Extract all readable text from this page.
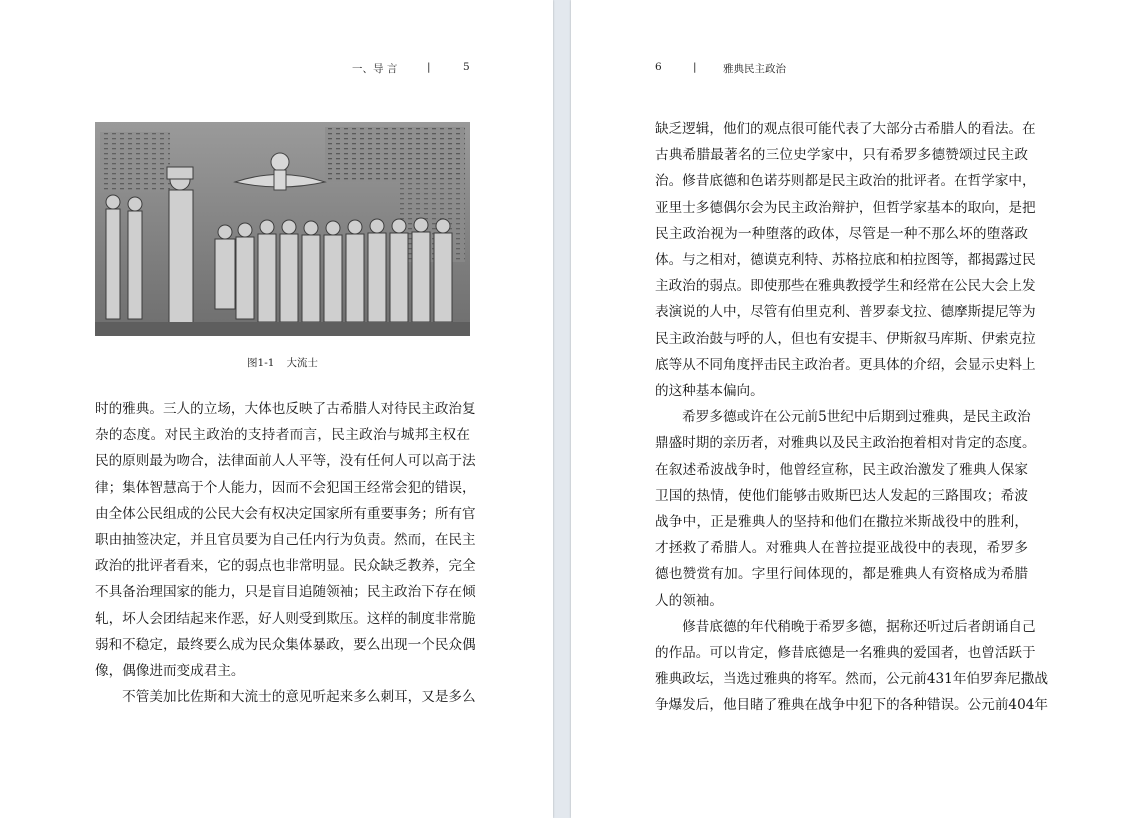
一、导 言	|	5
图1-1 大流士
时的雅典。三人的立场，大体也反映了古希腊人对待民主政治复
杂的态度。对民主政治的支持者而言，民主政治与城邦主权在
民的原则最为吻合，法律面前人人平等，没有任何人可以高于法
律；集体智慧高于个人能力，因而不会犯国王经常会犯的错误，
由全体公民组成的公民大会有权决定国家所有重要事务；所有官
职由抽签决定，并且官员要为自己任内行为负责。然而，在民主
政治的批评者看来，它的弱点也非常明显。民众缺乏教养，完全
不具备治理国家的能力，只是盲目追随领袖；民主政治下存在倾
轧，坏人会团结起来作恶，好人则受到欺压。这样的制度非常脆
弱和不稳定，最终要么成为民众集体暴政，要么出现一个民众偶
像，偶像进而变成君主。
　　不管美加比佐斯和大流士的意见听起来多么刺耳，又是多么
6	|	雅典民主政治
缺乏逻辑，他们的观点很可能代表了大部分古希腊人的看法。在
古典希腊最著名的三位史学家中，只有希罗多德赞颂过民主政
治。修昔底德和色诺芬则都是民主政治的批评者。在哲学家中，
亚里士多德偶尔会为民主政治辩护，但哲学家基本的取向，是把
民主政治视为一种堕落的政体，尽管是一种不那么坏的堕落政
体。与之相对，德谟克利特、苏格拉底和柏拉图等，都揭露过民
主政治的弱点。即使那些在雅典教授学生和经常在公民大会上发
表演说的人中，尽管有伯里克利、普罗泰戈拉、德摩斯提尼等为
民主政治鼓与呼的人，但也有安提丰、伊斯叙马库斯、伊索克拉
底等从不同角度抨击民主政治者。更具体的介绍，会显示史料上
的这种基本偏向。
　　希罗多德或许在公元前5世纪中后期到过雅典，是民主政治
鼎盛时期的亲历者，对雅典以及民主政治抱着相对肯定的态度。
在叙述希波战争时，他曾经宣称，民主政治激发了雅典人保家
卫国的热情，使他们能够击败斯巴达人发起的三路围攻；希波
战争中，正是雅典人的坚持和他们在撒拉米斯战役中的胜利，
才拯救了希腊人。对雅典人在普拉提亚战役中的表现，希罗多
德也赞赏有加。字里行间体现的，都是雅典人有资格成为希腊
人的领袖。
　　修昔底德的年代稍晚于希罗多德，据称还听过后者朗诵自己
的作品。可以肯定，修昔底德是一名雅典的爱国者，也曾活跃于
雅典政坛，当选过雅典的将军。然而，公元前431年伯罗奔尼撒战
争爆发后，他目睹了雅典在战争中犯下的各种错误。公元前404年
